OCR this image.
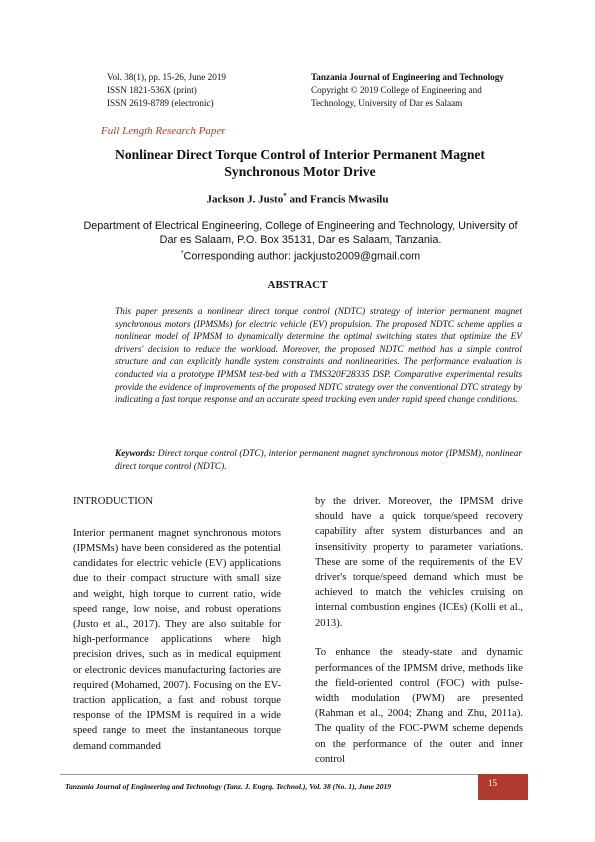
Vol. 38(1), pp. 15-26, June 2019
ISSN 1821-536X (print)
ISSN 2619-8789 (electronic)
Tanzania Journal of Engineering and Technology
Copyright © 2019 College of Engineering and
Technology, University of Dar es Salaam
Full Length Research Paper
Nonlinear Direct Torque Control of Interior Permanent Magnet
Synchronous Motor Drive
Jackson J. Justo* and Francis Mwasilu
Department of Electrical Engineering, College of Engineering and Technology, University of
Dar es Salaam, P.O. Box 35131, Dar es Salaam, Tanzania.
*Corresponding author: jackjusto2009@gmail.com
ABSTRACT
This paper presents a nonlinear direct torque control (NDTC) strategy of interior permanent magnet synchronous motors (IPMSMs) for electric vehicle (EV) propulsion. The proposed NDTC scheme applies a nonlinear model of IPMSM to dynamically determine the optimal switching states that optimize the EV drivers' decision to reduce the workload. Moreover, the proposed NDTC method has a simple control structure and can explicitly handle system constraints and nonlinearities. The performance evaluation is conducted via a prototype IPMSM test-bed with a TMS320F28335 DSP. Comparative experimental results provide the evidence of improvements of the proposed NDTC strategy over the conventional DTC strategy by indicating a fast torque response and an accurate speed tracking even under rapid speed change conditions.
Keywords: Direct torque control (DTC), interior permanent magnet synchronous motor (IPMSM), nonlinear direct torque control (NDTC).
INTRODUCTION

Interior permanent magnet synchronous motors (IPMSMs) have been considered as the potential candidates for electric vehicle (EV) applications due to their compact structure with small size and weight, high torque to current ratio, wide speed range, low noise, and robust operations (Justo et al., 2017). They are also suitable for high-performance applications where high precision drives, such as in medical equipment or electronic devices manufacturing factories are required (Mohamed, 2007). Focusing on the EV-traction application, a fast and robust torque response of the IPMSM is required in a wide speed range to meet the instantaneous torque demand commanded

by the driver. Moreover, the IPMSM drive should have a quick torque/speed recovery capability after system disturbances and an insensitivity property to parameter variations. These are some of the requirements of the EV driver's torque/speed demand which must be achieved to match the vehicles cruising on internal combustion engines (ICEs) (Kolli et al., 2013).

To enhance the steady-state and dynamic performances of the IPMSM drive, methods like the field-oriented control (FOC) with pulse-width modulation (PWM) are presented (Rahman et al., 2004; Zhang and Zhu, 2011a). The quality of the FOC-PWM scheme depends on the performance of the outer and inner control

Tanzania Journal of Engineering and Technology (Tanz. J. Engrg. Technol.), Vol. 38 (No. 1), June 2019	15
